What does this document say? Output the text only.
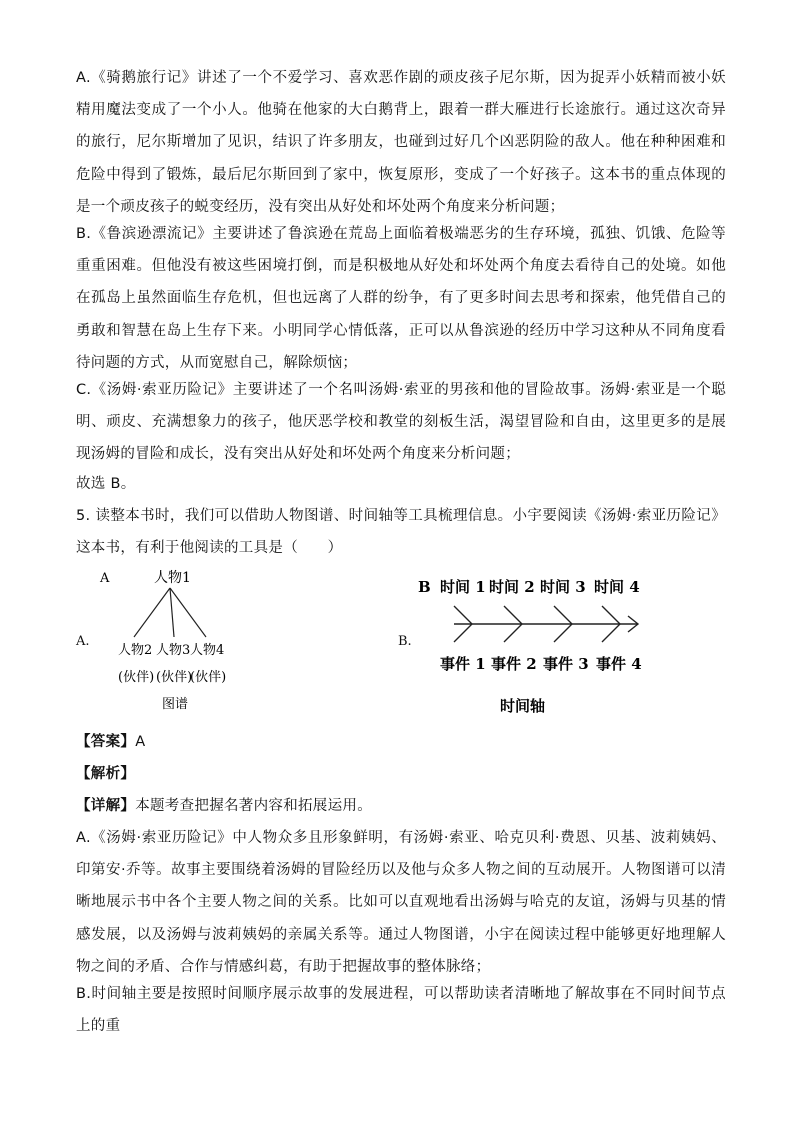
A.《骑鹅旅行记》讲述了一个不爱学习、喜欢恶作剧的顽皮孩子尼尔斯，因为捉弄小妖精而被小妖精用魔法变成了一个小人。他骑在他家的大白鹅背上，跟着一群大雁进行长途旅行。通过这次奇异的旅行，尼尔斯增加了见识，结识了许多朋友，也碰到过好几个凶恶阴险的敌人。他在种种困难和危险中得到了锻炼，最后尼尔斯回到了家中，恢复原形，变成了一个好孩子。这本书的重点体现的是一个顽皮孩子的蜕变经历，没有突出从好处和坏处两个角度来分析问题；

B.《鲁滨逊漂流记》主要讲述了鲁滨逊在荒岛上面临着极端恶劣的生存环境，孤独、饥饿、危险等重重困难。但他没有被这些困境打倒，而是积极地从好处和坏处两个角度去看待自己的处境。如他在孤岛上虽然面临生存危机，但也远离了人群的纷争，有了更多时间去思考和探索，他凭借自己的勇敢和智慧在岛上生存下来。小明同学心情低落，正可以从鲁滨逊的经历中学习这种从不同角度看待问题的方式，从而宽慰自己，解除烦恼；

C.《汤姆·索亚历险记》主要讲述了一个名叫汤姆·索亚的男孩和他的冒险故事。汤姆·索亚是一个聪明、顽皮、充满想象力的孩子，他厌恶学校和教堂的刻板生活，渴望冒险和自由，这里更多的是展现汤姆的冒险和成长，没有突出从好处和坏处两个角度来分析问题；

故选 B。

5. 读整本书时，我们可以借助人物图谱、时间轴等工具梳理信息。小宇要阅读《汤姆·索亚历险记》这本书，有利于他阅读的工具是（　　）

A.
A	人物1
人物2 人物3 人物4
(伙伴) (伙伴)
(伙伴)
图谱
B.
B 时间 1 时间 2 时间 3 时间 4
事件 1 事件 2 事件 3 事件 4
时间轴

【答案】A

【解析】

【详解】本题考查把握名著内容和拓展运用。

A.《汤姆·索亚历险记》中人物众多且形象鲜明，有汤姆·索亚、哈克贝利·费恩、贝基、波莉姨妈、印第安·乔等。故事主要围绕着汤姆的冒险经历以及他与众多人物之间的互动展开。人物图谱可以清晰地展示书中各个主要人物之间的关系。比如可以直观地看出汤姆与哈克的友谊，汤姆与贝基的情感发展，以及汤姆与波莉姨妈的亲属关系等。通过人物图谱，小宇在阅读过程中能够更好地理解人物之间的矛盾、合作与情感纠葛，有助于把握故事的整体脉络；

B.时间轴主要是按照时间顺序展示故事的发展进程，可以帮助读者清晰地了解故事在不同时间节点上的重
